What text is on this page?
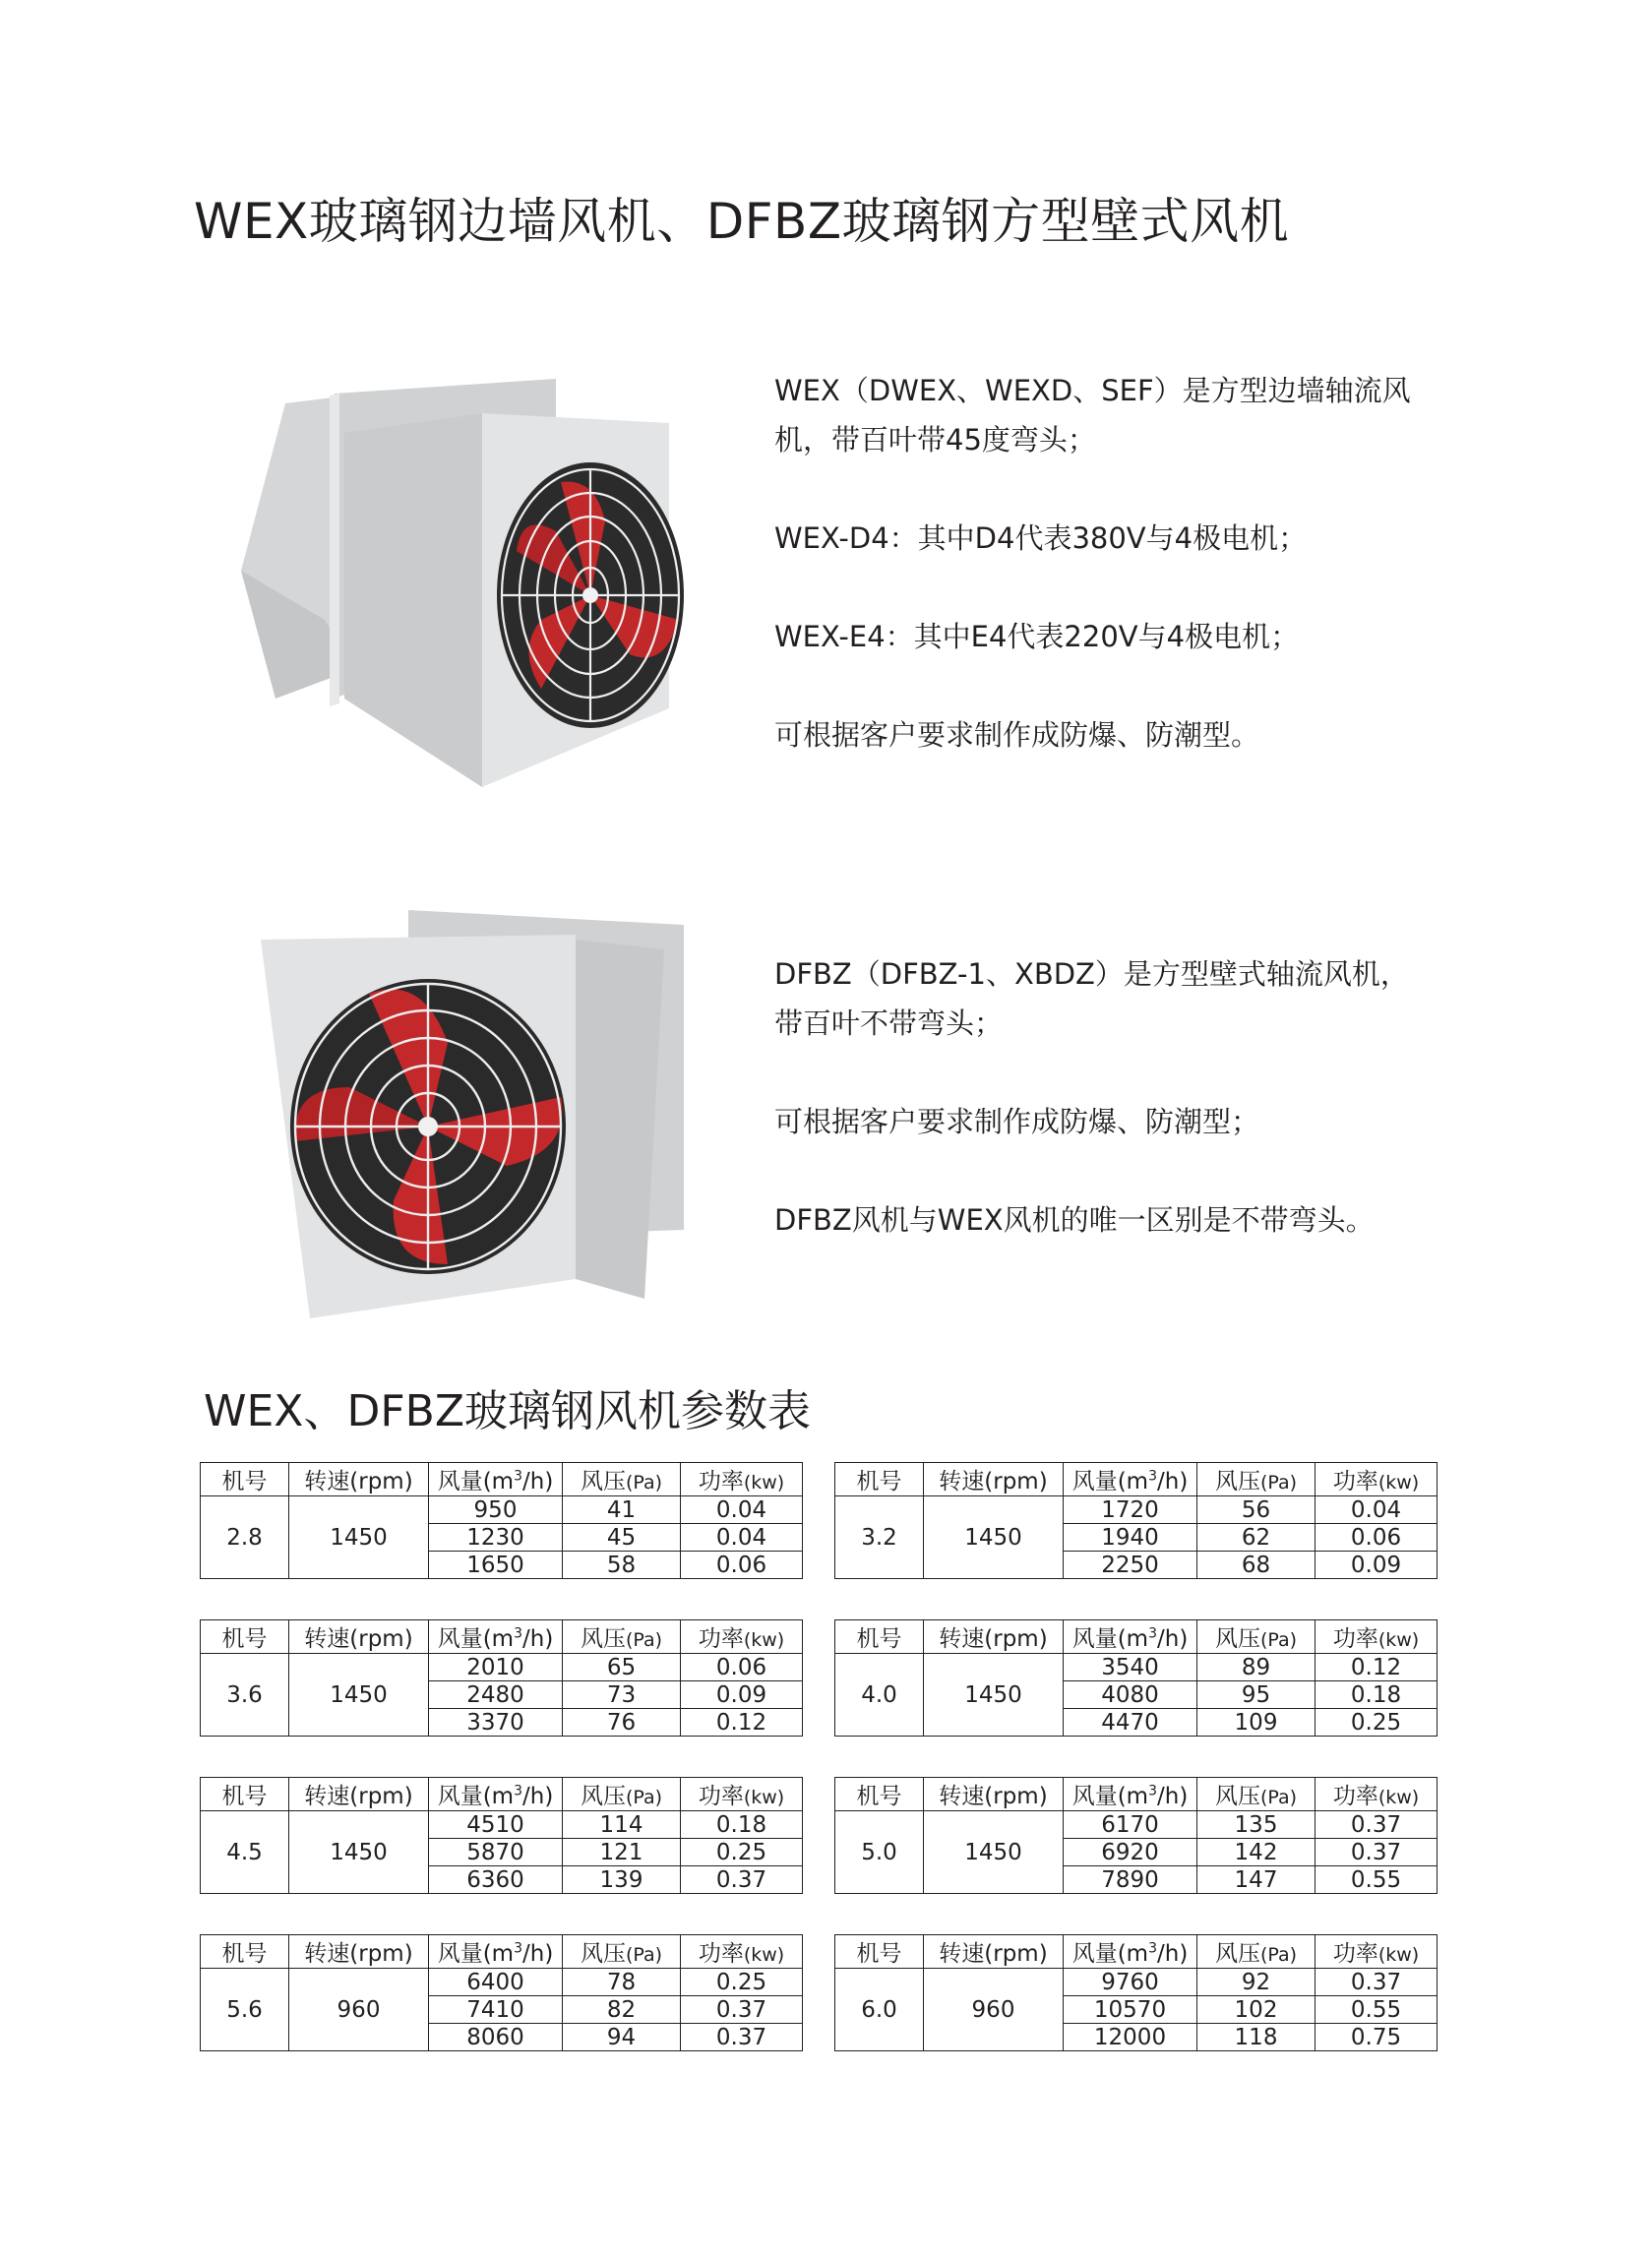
WEX玻璃钢边墙风机、DFBZ玻璃钢方型壁式风机

WEX（DWEX、WEXD、SEF）是方型边墙轴流风

机，带百叶带45度弯头；

WEX-D4：其中D4代表380V与4极电机；

WEX-E4：其中E4代表220V与4极电机；

可根据客户要求制作成防爆、防潮型。

DFBZ（DFBZ-1、XBDZ）是方型壁式轴流风机，

带百叶不带弯头；

可根据客户要求制作成防爆、防潮型；

DFBZ风机与WEX风机的唯一区别是不带弯头。

WEX、DFBZ玻璃钢风机参数表
机号	转速(rpm)	风量$(m^3/h)$	风压(Pa)	功率(kw)
2.8	1450	950	41	0.04
		1230	45	0.04
		1650	58	0.06
机号	转速(rpm)	风量$(m^3/h)$	风压(Pa)	功率(kw)
3.2	1450	1720	56	0.04
		1940	62	0.06
		2250	68	0.09
机号	转速(rpm)	风量$(m^3/h)$	风压(Pa)	功率(kw)
3.6	1450	2010	65	0.06
		2480	73	0.09
		3370	76	0.12
机号	转速(rpm)	风量$(m^3/h)$	风压(Pa)	功率(kw)
4.0	1450	3540	89	0.12
		4080	95	0.18
		4470	109	0.25
机号	转速(rpm)	风量$(m^3/h)$	风压(Pa)	功率(kw)
4.5	1450	4510	114	0.18
		5870	121	0.25
		6360	139	0.37
机号	转速(rpm)	风量$(m^3/h)$	风压(Pa)	功率(kw)
5.0	1450	6170	135	0.37
		6920	142	0.37
		7890	147	0.55
机号	转速(rpm)	风量$(m^3/h)$	风压(Pa)	功率(kw)
5.6	960	6400	78	0.25
		7410	82	0.37
		8060	94	0.37
机号	转速(rpm)	风量$(m^3/h)$	风压(Pa)	功率(kw)
6.0	960	9760	92	0.37
		10570	102	0.55
		12000	118	0.75
